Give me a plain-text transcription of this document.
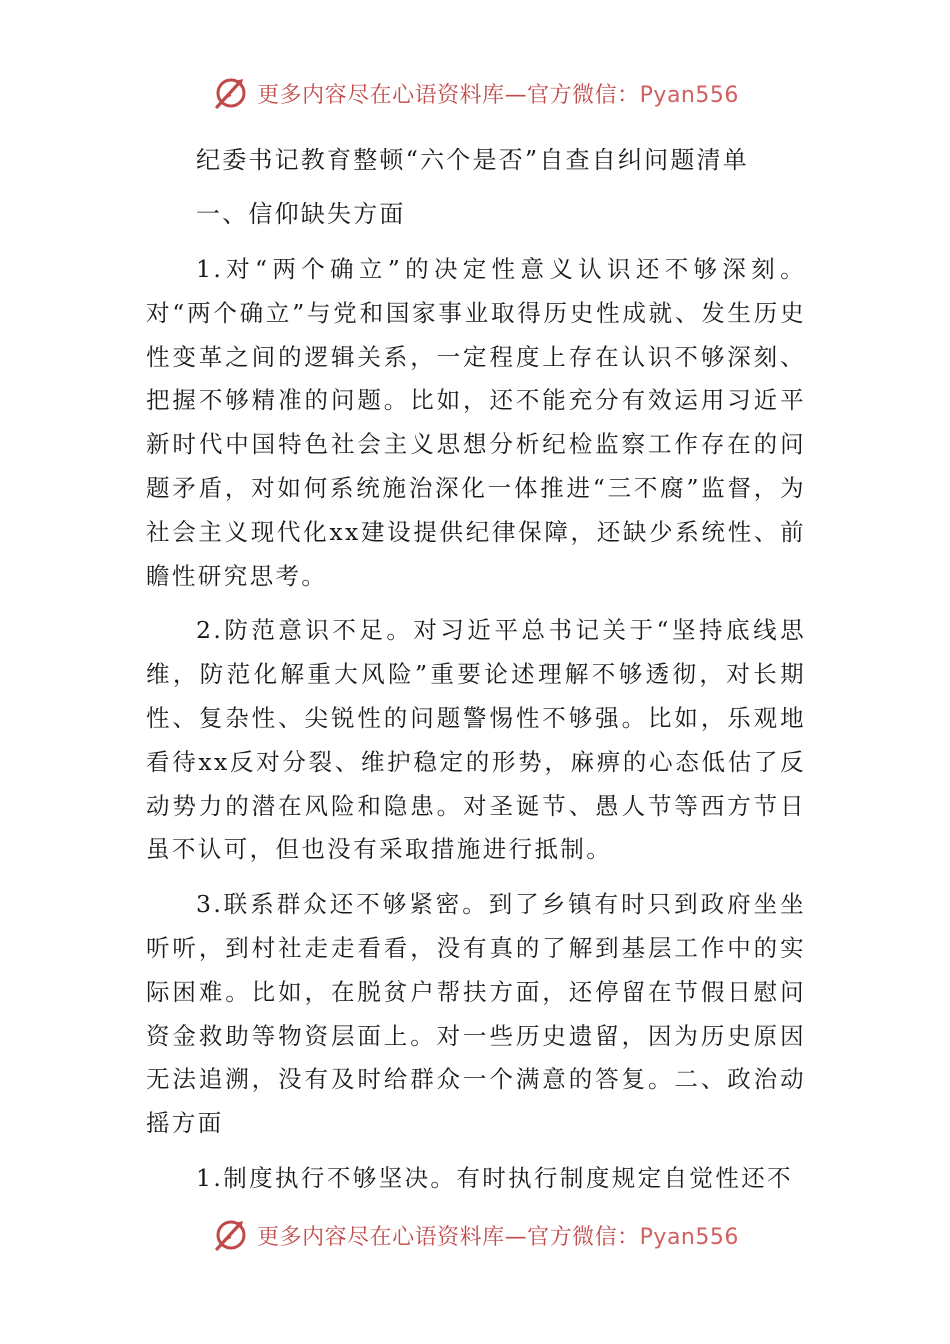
更多内容尽在心语资料库—官方微信：Pyan556
纪委书记教育整顿“六个是否”自查自纠问题清单
一、信仰缺失方面

1.对“两个确立”的决定性意义认识还不够深刻。对“两个确立”与党和国家事业取得历史性成就、发生历史性变革之间的逻辑关系，一定程度上存在认识不够深刻、把握不够精准的问题。比如，还不能充分有效运用习近平新时代中国特色社会主义思想分析纪检监察工作存在的问题矛盾，对如何系统施治深化一体推进“三不腐”监督，为社会主义现代化xx建设提供纪律保障，还缺少系统性、前瞻性研究思考。

2.防范意识不足。对习近平总书记关于“坚持底线思维，防范化解重大风险”重要论述理解不够透彻，对长期性、复杂性、尖锐性的问题警惕性不够强。比如，乐观地看待xx反对分裂、维护稳定的形势，麻痹的心态低估了反动势力的潜在风险和隐患。对圣诞节、愚人节等西方节日虽不认可，但也没有采取措施进行抵制。

3.联系群众还不够紧密。到了乡镇有时只到政府坐坐听听，到村社走走看看，没有真的了解到基层工作中的实际困难。比如，在脱贫户帮扶方面，还停留在节假日慰问资金救助等物资层面上。对一些历史遗留，因为历史原因无法追溯，没有及时给群众一个满意的答复。二、政治动摇方面

1.制度执行不够坚决。有时执行制度规定自觉性还不

更多内容尽在心语资料库—官方微信：Pyan556
